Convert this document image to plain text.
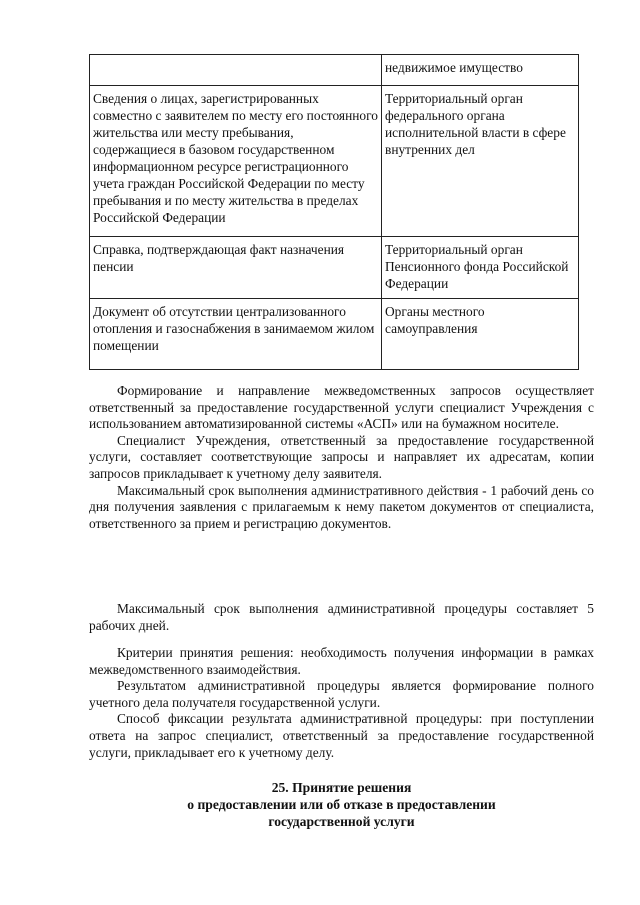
	недвижимое имущество
Сведения о лицах, зарегистрированных совместно с заявителем по месту его постоянного жительства или месту пребывания, содержащиеся в базовом государственном информационном ресурсе регистрационного учета граждан Российской Федерации по месту пребывания и по месту жительства в пределах Российской Федерации	Территориальный орган федерального органа исполнительной власти в сфере внутренних дел
Справка, подтверждающая факт назначения пенсии	Территориальный орган Пенсионного фонда Российской Федерации
Документ об отсутствии централизованного отопления и газоснабжения в занимаемом жилом помещении	Органы местного самоуправления

Формирование и направление межведомственных запросов осуществляет ответственный за предоставление государственной услуги специалист Учреждения с использованием автоматизированной системы «АСП» или на бумажном носителе.

Специалист Учреждения, ответственный за предоставление государственной услуги, составляет соответствующие запросы и направляет их адресатам, копии запросов прикладывает к учетному делу заявителя.

Максимальный срок выполнения административного действия - 1 рабочий день со дня получения заявления с прилагаемым к нему пакетом документов от специалиста, ответственного за прием и регистрацию документов.

Максимальный срок выполнения административной процедуры составляет 5 рабочих дней.

Критерии принятия решения: необходимость получения информации в рамках межведомственного взаимодействия.

Результатом административной процедуры является формирование полного учетного дела получателя государственной услуги.

Способ фиксации результата административной процедуры: при поступлении ответа на запрос специалист, ответственный за предоставление государственной услуги, прикладывает его к учетному делу.

25. Принятие решения
о предоставлении или об отказе в предоставлении
государственной услуги
